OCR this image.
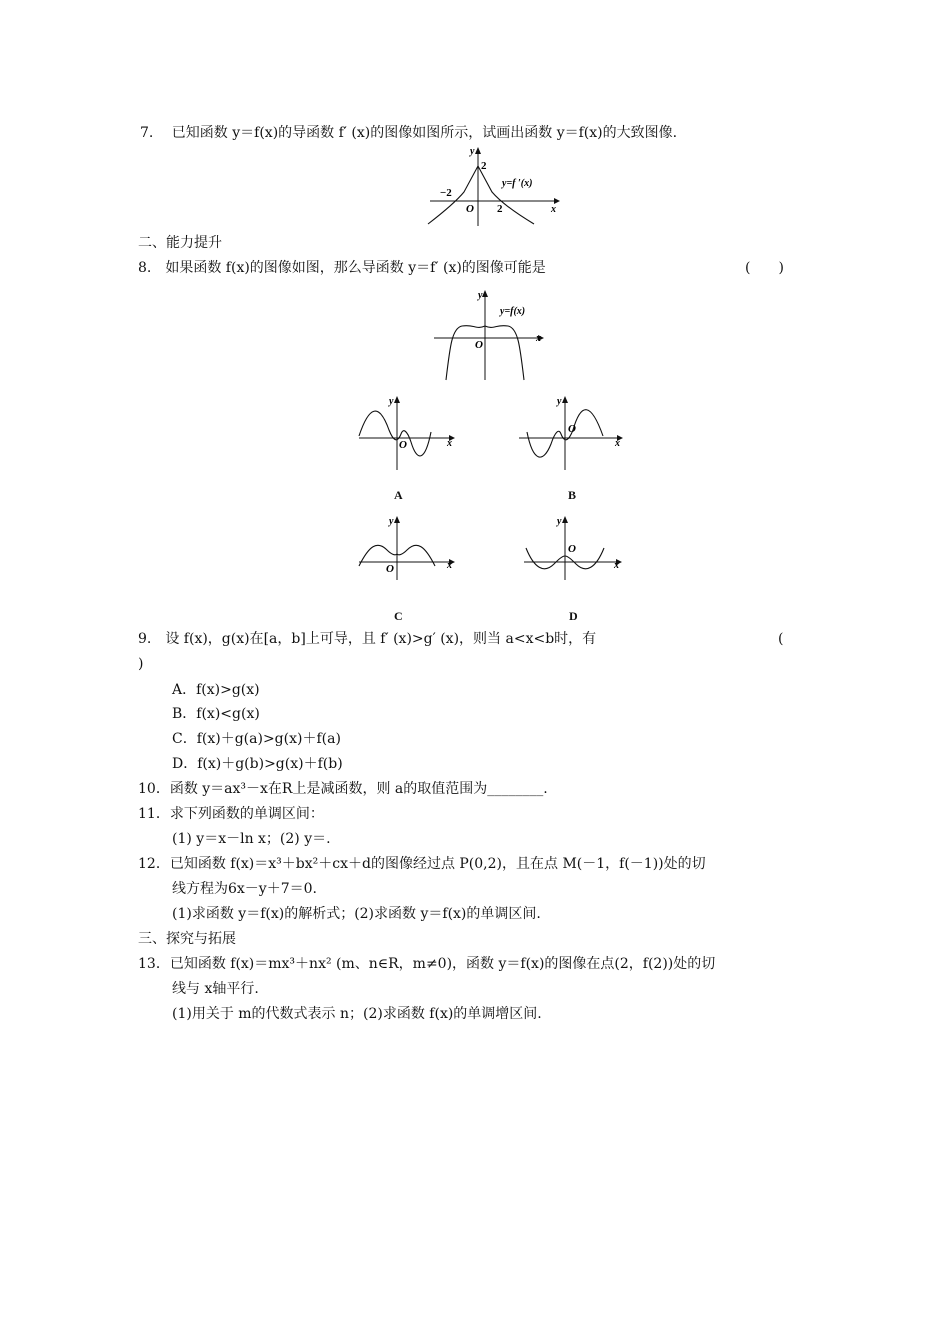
7.　 已知函数 y＝f(x)的导函数 f′ (x)的图像如图所示，试画出函数 y＝f(x)的大致图像.
y
x
O
−2
2
2
y=f ′(x)
二、能力提升
8.　如果函数 f(x)的图像如图，那么导函数 y＝f′ (x)的图像可能是	(　　)
y
x
O
y=f(x)
y
x
O
A
y
x
O
B
y
x
O
C
y
x
O
D
9.　设 f(x)，g(x)在[a，b]上可导，且 f′ (x)>g′ (x)，则当 a<x<b时，有	(
)
A．f(x)>g(x)
B．f(x)<g(x)
C．f(x)＋g(a)>g(x)＋f(a)
D．f(x)＋g(b)>g(x)＋f(b)
10．函数 y＝ax³－x在R上是减函数，则 a的取值范围为________.
11．求下列函数的单调区间：
(1) y＝x－ln x；(2) y＝.
12．已知函数 f(x)＝x³＋bx²＋cx＋d的图像经过点 P(0,2)，且在点 M(－1，f(－1))处的切
线方程为6x－y＋7＝0.
(1)求函数 y＝f(x)的解析式；(2)求函数 y＝f(x)的单调区间.
三、探究与拓展
13．已知函数 f(x)＝mx³＋nx² (m、n∈R，m≠0)，函数 y＝f(x)的图像在点(2，f(2))处的切
线与 x轴平行.
(1)用关于 m的代数式表示 n；(2)求函数 f(x)的单调增区间.
